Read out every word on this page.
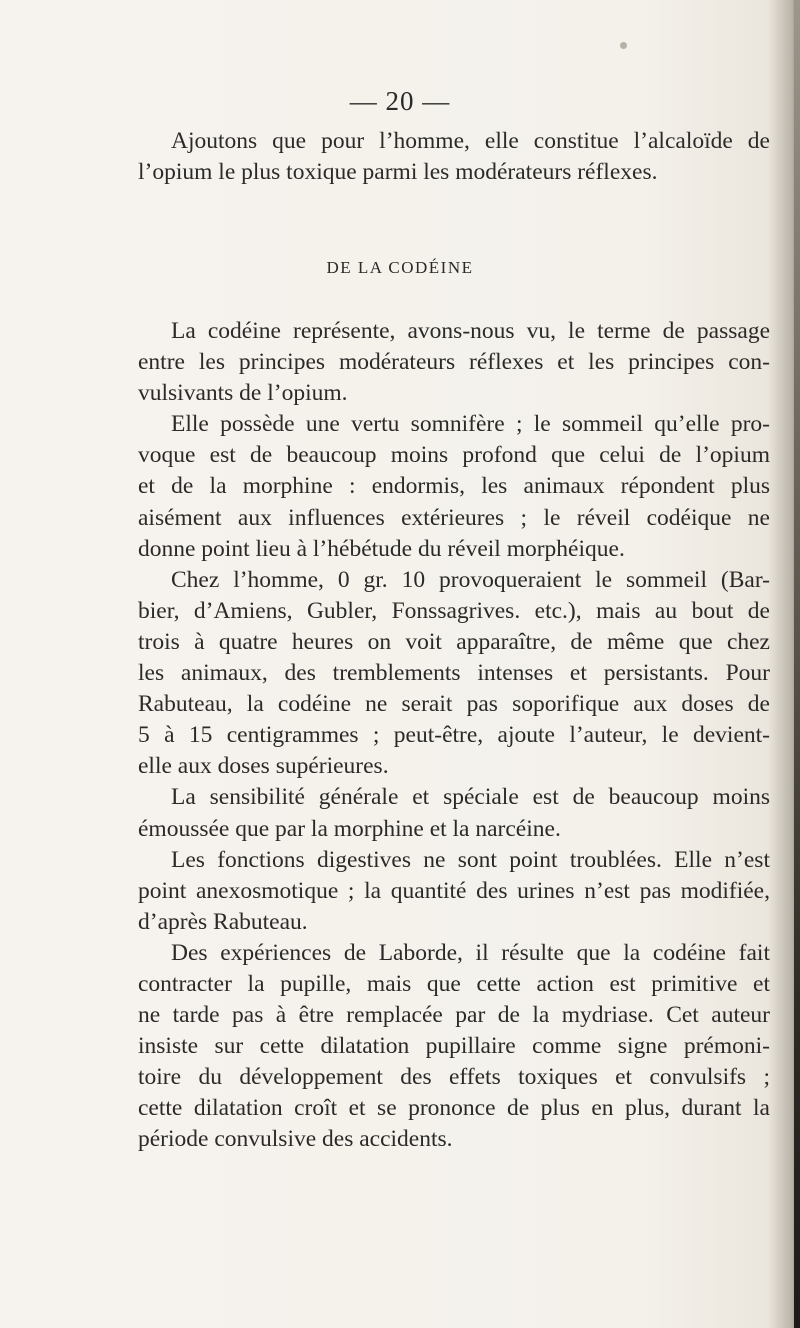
— 20 —
Ajoutons que pour l’homme, elle constitue l’alcaloïde de
l’opium le plus toxique parmi les modérateurs réflexes.
DE LA CODÉINE
La codéine représente, avons-nous vu, le terme de passage
entre les principes modérateurs réflexes et les principes con-
vulsivants de l’opium.
Elle possède une vertu somnifère ; le sommeil qu’elle pro-
voque est de beaucoup moins profond que celui de l’opium
et de la morphine : endormis, les animaux répondent plus
aisément aux influences extérieures ; le réveil codéique ne
donne point lieu à l’hébétude du réveil morphéique.
Chez l’homme, 0 gr. 10 provoqueraient le sommeil (Bar-
bier, d’Amiens, Gubler, Fonssagrives. etc.), mais au bout de
trois à quatre heures on voit apparaître, de même que chez
les animaux, des tremblements intenses et persistants. Pour
Rabuteau, la codéine ne serait pas soporifique aux doses de
5 à 15 centigrammes ; peut-être, ajoute l’auteur, le devient-
elle aux doses supérieures.
La sensibilité générale et spéciale est de beaucoup moins
émoussée que par la morphine et la narcéine.
Les fonctions digestives ne sont point troublées. Elle n’est
point anexosmotique ; la quantité des urines n’est pas modifiée,
d’après Rabuteau.
Des expériences de Laborde, il résulte que la codéine fait
contracter la pupille, mais que cette action est primitive et
ne tarde pas à être remplacée par de la mydriase. Cet auteur
insiste sur cette dilatation pupillaire comme signe prémoni-
toire du développement des effets toxiques et convulsifs ;
cette dilatation croît et se prononce de plus en plus, durant la
période convulsive des accidents.
